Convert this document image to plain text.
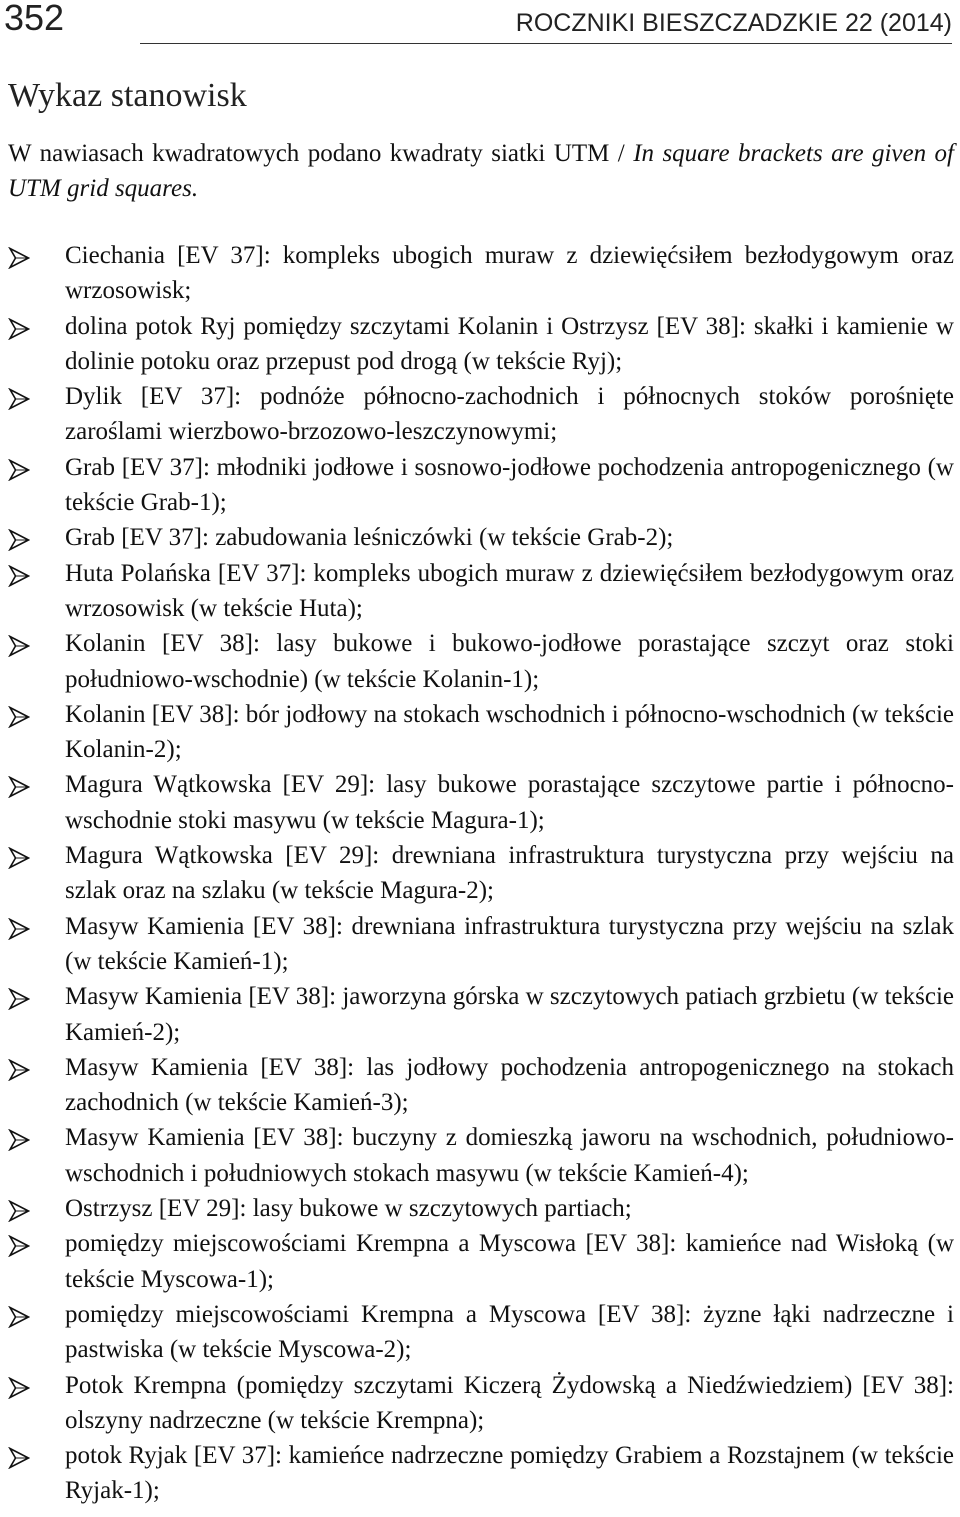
352	ROCZNIKI BIESZCZADZKIE 22 (2014)
Wykaz stanowisk

W nawiasach kwadratowych podano kwadraty siatki UTM / In square brackets are given of UTM grid squares.

Ciechania [EV 37]: kompleks ubogich muraw z dziewięćsiłem bezłodygowym oraz wrzosowisk;
dolina potok Ryj pomiędzy szczytami Kolanin i Ostrzysz [EV 38]: skałki i kamienie w dolinie potoku oraz przepust pod drogą (w tekście Ryj);
Dylik [EV 37]: podnóże północno-zachodnich i północnych stoków porośnięte zaroślami wierzbowo-brzozowo-leszczynowymi;
Grab [EV 37]: młodniki jodłowe i sosnowo-jodłowe pochodzenia antropogenicznego (w tekście Grab-1);
Grab [EV 37]: zabudowania leśniczówki (w tekście Grab-2);
Huta Polańska [EV 37]: kompleks ubogich muraw z dziewięćsiłem bezłodygowym oraz wrzosowisk (w tekście Huta);
Kolanin [EV 38]: lasy bukowe i bukowo-jodłowe porastające szczyt oraz stoki południowo-wschodnie) (w tekście Kolanin-1);
Kolanin [EV 38]: bór jodłowy na stokach wschodnich i północno-wschodnich (w tekście Kolanin-2);
Magura Wątkowska [EV 29]: lasy bukowe porastające szczytowe partie i północno-wschodnie stoki masywu (w tekście Magura-1);
Magura Wątkowska [EV 29]: drewniana infrastruktura turystyczna przy wejściu na szlak oraz na szlaku (w tekście Magura-2);
Masyw Kamienia [EV 38]: drewniana infrastruktura turystyczna przy wejściu na szlak (w tekście Kamień-1);
Masyw Kamienia [EV 38]: jaworzyna górska w szczytowych patiach grzbietu (w tekście Kamień-2);
Masyw Kamienia [EV 38]: las jodłowy pochodzenia antropogenicznego na stokach zachodnich (w tekście Kamień-3);
Masyw Kamienia [EV 38]: buczyny z domieszką jaworu na wschodnich, południowo-wschodnich i południowych stokach masywu (w tekście Kamień-4);
Ostrzysz [EV 29]: lasy bukowe w szczytowych partiach;
pomiędzy miejscowościami Krempna a Myscowa [EV 38]: kamieńce nad Wisłoką (w tekście Myscowa-1);
pomiędzy miejscowościami Krempna a Myscowa [EV 38]: żyzne łąki nadrzeczne i pastwiska (w tekście Myscowa-2);
Potok Krempna (pomiędzy szczytami Kiczerą Żydowską a Niedźwiedziem) [EV 38]: olszyny nadrzeczne (w tekście Krempna);
potok Ryjak [EV 37]: kamieńce nadrzeczne pomiędzy Grabiem a Rozstajnem (w tekście Ryjak-1);
